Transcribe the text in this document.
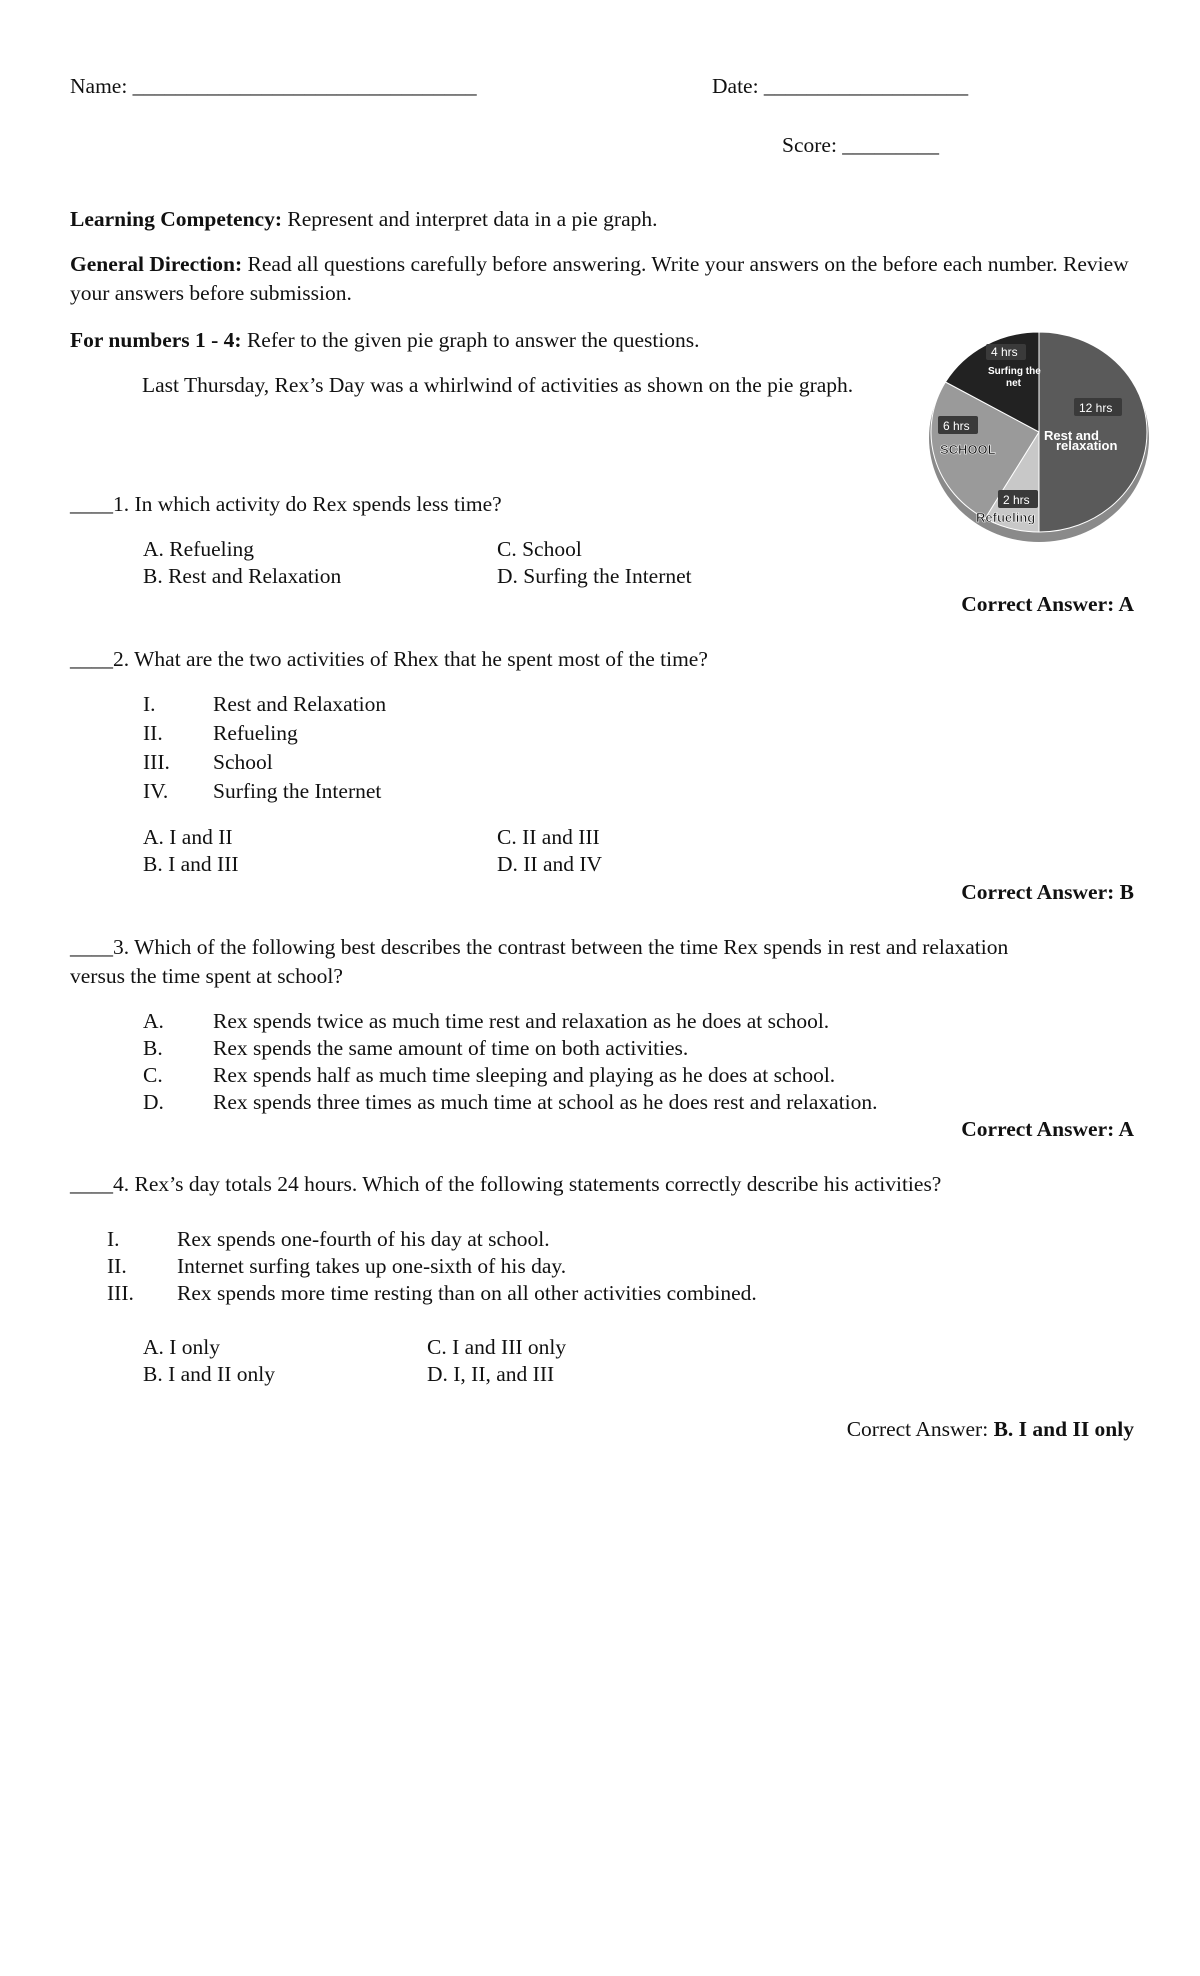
Name: ________________________________	Date: ___________________
Score: _________
Learning Competency: Represent and interpret data in a pie graph.
General Direction: Read all questions carefully before answering. Write your answers on the before each number. Review your answers before submission.
For numbers 1 - 4: Refer to the given pie graph to answer the questions.
Last Thursday, Rex’s Day was a whirlwind of activities as shown on the pie graph.
12 hrs
Rest and
relaxation
2 hrs
Refueling
6 hrs
SCHOOL
4 hrs
Surfing the
net
____1. In which activity do Rex spends less time?
A. Refueling
B. Rest and Relaxation
C. School
D. Surfing the Internet
Correct Answer: A
____2. What are the two activities of Rhex that he spent most of the time?
I.	Rest and Relaxation
II. Refueling
III. School
IV. Surfing the Internet
A. I and II
B. I and III
C. II and III
D. II and IV
Correct Answer: B
____3. Which of the following best describes the contrast between the time Rex spends in rest and relaxation
versus the time spent at school?
A. Rex spends twice as much time rest and relaxation as he does at school.
B. Rex spends the same amount of time on both activities.
C. Rex spends half as much time sleeping and playing as he does at school.
D. Rex spends three times as much time at school as he does rest and relaxation.
Correct Answer: A
____4. Rex’s day totals 24 hours. Which of the following statements correctly describe his activities?
I.	Rex spends one-fourth of his day at school.
II. Internet surfing takes up one-sixth of his day.
III. Rex spends more time resting than on all other activities combined.
A. I only
B. I and II only
C. I and III only
D. I, II, and III
Correct Answer: B. I and II only
